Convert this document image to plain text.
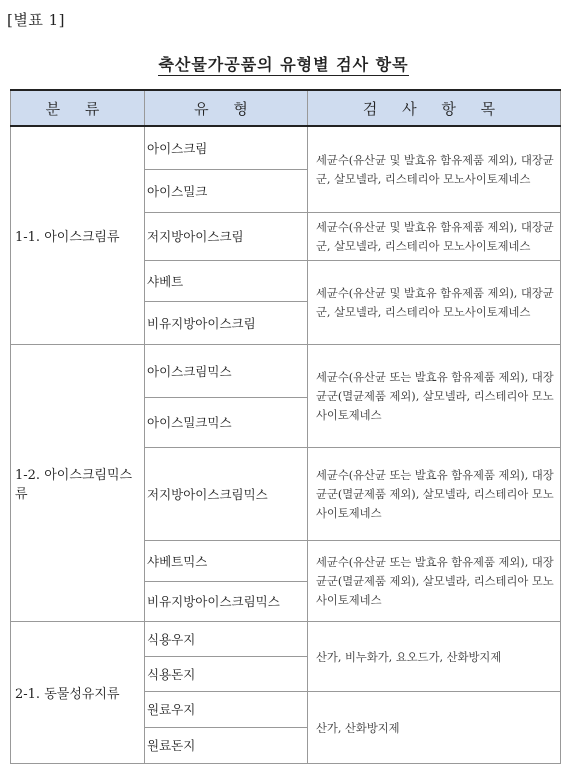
[별표 1]
축산물가공품의 유형별 검사 항목
분 류	유 형	검 사 항 목
1-1. 아이스크림류	아이스크림	세균수(유산균 및 발효유 함유제품 제외), 대장균군, 살모넬라, 리스테리아 모노사이토제네스
	아이스밀크	
	저지방아이스크림	세균수(유산균 및 발효유 함유제품 제외), 대장균군, 살모넬라, 리스테리아 모노사이토제네스
	샤베트	세균수(유산균 및 발효유 함유제품 제외), 대장균군, 살모넬라, 리스테리아 모노사이토제네스
	비유지방아이스크림	
1-2. 아이스크림믹스류	아이스크림믹스	세균수(유산균 또는 발효유 함유제품 제외), 대장균군(멸균제품 제외), 살모넬라, 리스테리아 모노사이토제네스
	아이스밀크믹스	
	저지방아이스크림믹스	세균수(유산균 또는 발효유 함유제품 제외), 대장균군(멸균제품 제외), 살모넬라, 리스테리아 모노사이토제네스
	샤베트믹스	세균수(유산균 또는 발효유 함유제품 제외), 대장균군(멸균제품 제외), 살모넬라, 리스테리아 모노사이토제네스
	비유지방아이스크림믹스	
2-1. 동물성유지류	식용우지	산가, 비누화가, 요오드가, 산화방지제
	식용돈지	
	원료우지	산가, 산화방지제
	원료돈지	
